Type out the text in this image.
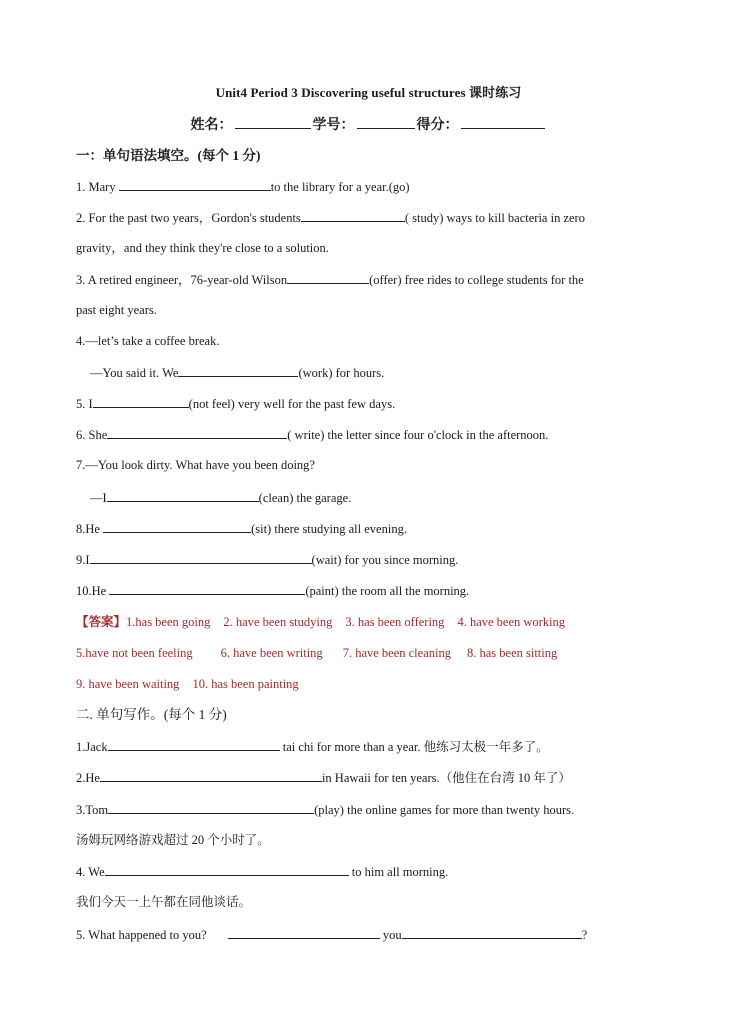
Unit4 Period 3 Discovering useful structures 课时练习
姓名：	学号：	得分：
一：单句语法填空。(每个 1 分)
1. Mary	to the library for a year.(go)
2. For the past two years，Gordon's students	( study) ways to kill bacteria in zero
gravity，and they think they're close to a solution.
3. A retired engineer，76-year-old Wilson	(offer) free rides to college students for the
past eight years.
4.—let’s take a coffee break.
—You said it. We	(work) for hours.
5. I	(not feel) very well for the past few days.
6. She	( write) the letter since four o'clock in the afternoon.
7.—You look dirty. What have you been doing?
—I	(clean) the garage.
8.He	(sit) there studying all evening.
9.I	(wait) for you since morning.
10.He	(paint) the room all the morning.
【答案】1.has been going 2. have been studying 3. has been offering 4. have been working
5.have not been feeling 6. have been writing 7. have been cleaning 8. has been sitting
9. have been waiting 10. has been painting
二. 单句写作。(每个 1 分)
1.Jack	tai chi for more than a year. 他练习太极一年多了。
2.He	in Hawaii for ten years.（他住在台湾 10 年了）
3.Tom	(play) the online games for more than twenty hours.
汤姆玩网络游戏超过 20 个小时了。
4. We	to him all morning.
我们今天一上午都在同他谈话。
5. What happened to you?	you	?
